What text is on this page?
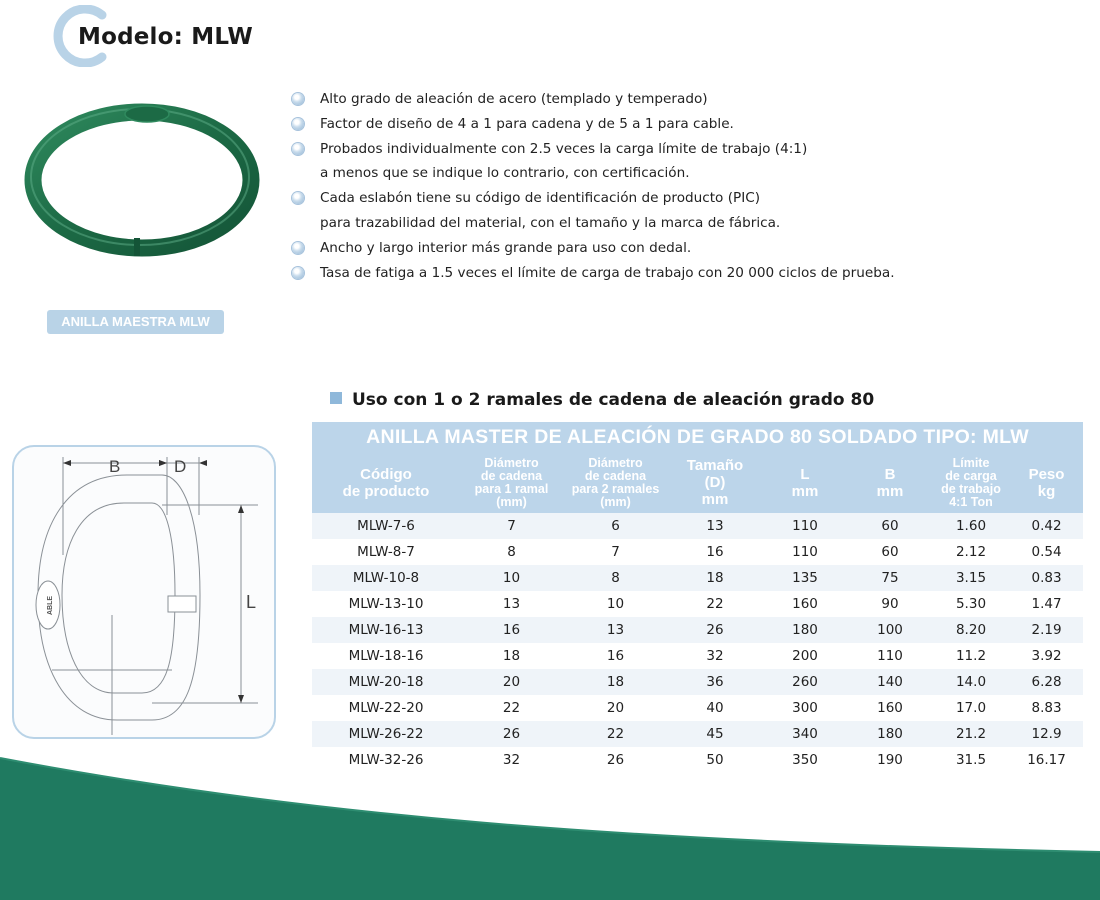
Modelo: MLW
ANILLA MAESTRA MLW
Alto grado de aleación de acero (templado y temperado)
Factor de diseño de 4 a 1 para cadena y de 5 a 1 para cable.
Probados individualmente con 2.5 veces la carga límite de trabajo (4:1)
a menos que se indique lo contrario, con certificación.
Cada eslabón tiene su código de identificación de producto (PIC)
para trazabilidad del material, con el tamaño y la marca de fábrica.
Ancho y largo interior más grande para uso con dedal.
Tasa de fatiga a 1.5 veces el límite de carga de trabajo con 20 000 ciclos de prueba.
Uso con 1 o 2 ramales de cadena de aleación grado 80
B	D
L
ABLE
ANILLA MASTER DE ALEACIÓN DE GRADO 80 SOLDADO TIPO: MLW							
Código
de producto	Diámetro
de cadena
para 1 ramal
(mm)	Diámetro
de cadena
para 2 ramales
(mm)	Tamaño
(D)
mm	L
mm	B
mm	Límite
de carga
de trabajo
4:1 Ton	Peso
kg
MLW-7-6	7	6	13	110	60	1.60	0.42
MLW-8-7	8	7	16	110	60	2.12	0.54
MLW-10-8	10	8	18	135	75	3.15	0.83
MLW-13-10	13	10	22	160	90	5.30	1.47
MLW-16-13	16	13	26	180	100	8.20	2.19
MLW-18-16	18	16	32	200	110	11.2	3.92
MLW-20-18	20	18	36	260	140	14.0	6.28
MLW-22-20	22	20	40	300	160	17.0	8.83
MLW-26-22	26	22	45	340	180	21.2	12.9
MLW-32-26	32	26	50	350	190	31.5	16.17
